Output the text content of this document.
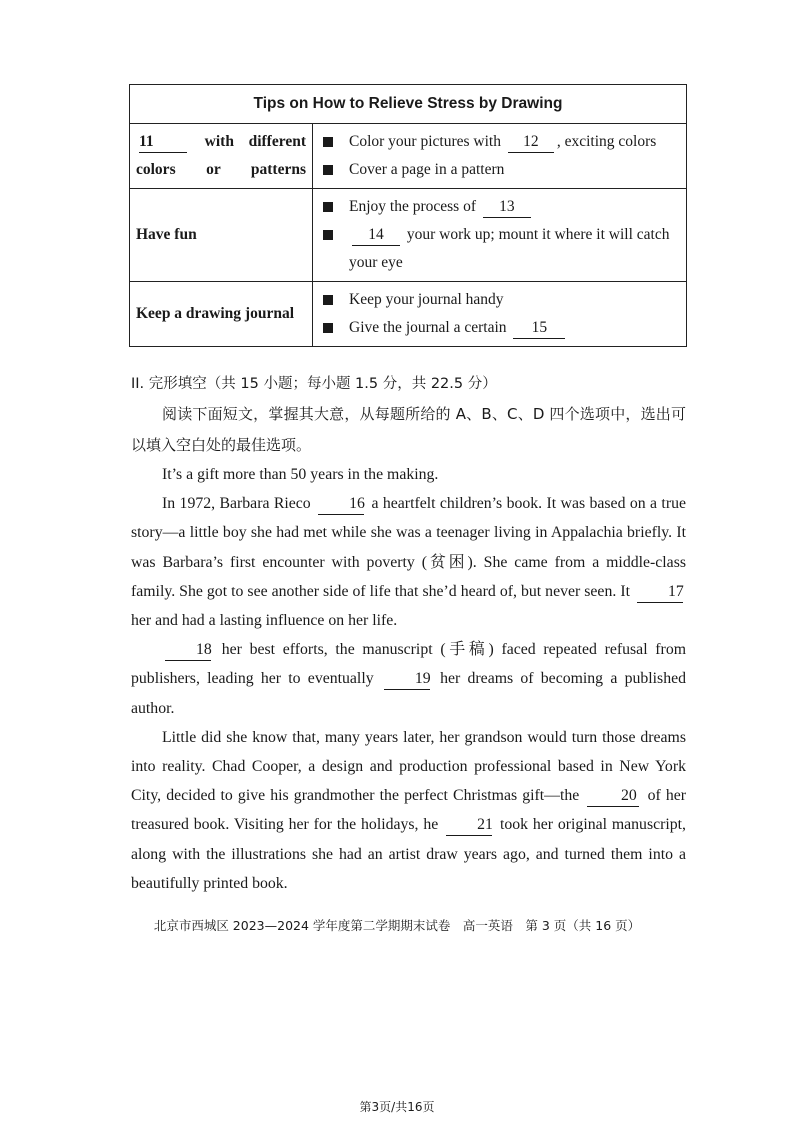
Tips on How to Relieve Stress by Drawing	

11 with different colors or patterns	Color your pictures with 12 , exciting colors
Cover a page in a pattern

Have fun	Enjoy the process of 13
14 your work up; mount it where it will catch your eye

Keep a drawing journal	Keep your journal handy
Give the journal a certain 15
II. 完形填空（共 15 小题；每小题 1.5 分，共 22.5 分）

阅读下面短文，掌握其大意，从每题所给的 A、B、C、D 四个选项中，选出可以填入空白处的最佳选项。

It’s a gift more than 50 years in the making.

In 1972, Barbara Rieco 16 a heartfelt children’s book. It was based on a true story—a little boy she had met while she was a teenager living in Appalachia briefly. It was Barbara’s first encounter with poverty (贫困). She came from a middle-class family. She got to see another side of life that she’d heard of, but never seen. It 17 her and had a lasting influence on her life.

18 her best efforts, the manuscript (手稿) faced repeated refusal from publishers, leading her to eventually	19 her dreams of becoming a published author.

Little did she know that, many years later, her grandson would turn those dreams into reality. Chad Cooper, a design and production professional based in New York City, decided to give his grandmother the perfect Christmas gift—the	20 of her treasured book. Visiting her for the holidays, he 21 took her original manuscript, along with the illustrations she had an artist draw years ago, and turned them into a beautifully printed book.

北京市西城区 2023—2024 学年度第二学期期末试卷　高一英语　第 3 页（共 16 页）
第3页/共16页
